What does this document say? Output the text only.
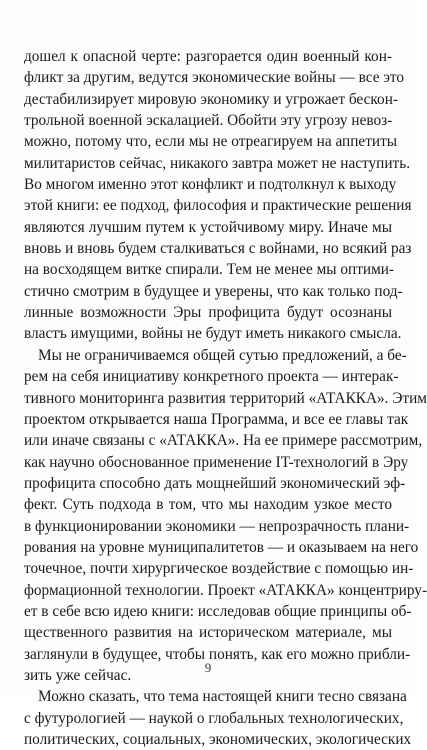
дошел к опасной черте: разгорается один военный кон-
фликт за другим, ведутся экономические войны — все это
дестабилизирует мировую экономику и угрожает бескон-
трольной военной эскалацией. Обойти эту угрозу невоз-
можно, потому что, если мы не отреагируем на аппетиты
милитаристов сейчас, никакого завтра может не наступить.
Во многом именно этот конфликт и подтолкнул к выходу
этой книги: ее подход, философия и практические решения
являются лучшим путем к устойчивому миру. Иначе мы
вновь и вновь будем сталкиваться с войнами, но всякий раз
на восходящем витке спирали. Тем не менее мы оптими-
стично смотрим в будущее и уверены, что как только под-
линные возможности Эры профицита будут осознаны
властъ имущими, войны не будут иметь никакого смысла.
Мы не ограничиваемся общей сутью предложений, а бе-
рем на себя инициативу конкретного проекта — интерак-
тивного мониторинга развития территорий «АТАККА». Этим
проектом открывается наша Программа, и все ее главы так
или иначе связаны с «АТАККА». На ее примере рассмотрим,
как научно обоснованное применение IT-технологий в Эру
профицита способно дать мощнейший экономический эф-
фект. Суть подхода в том, что мы находим узкое место
в функционировании экономики — непрозрачность плани-
рования на уровне муниципалитетов — и оказываем на него
точечное, почти хирургическое воздействие с помощью ин-
формационной технологии. Проект «АТАККА» концентриру-
ет в себе всю идею книги: исследовав общие принципы об-
щественного развития на историческом материале, мы
заглянули в будущее, чтобы понять, как его можно прибли-
зить уже сейчас.
Можно сказать, что тема настоящей книги тесно связана
с футурологией — наукой о глобальных технологических,
политических, социальных, экономических, экологических
9
